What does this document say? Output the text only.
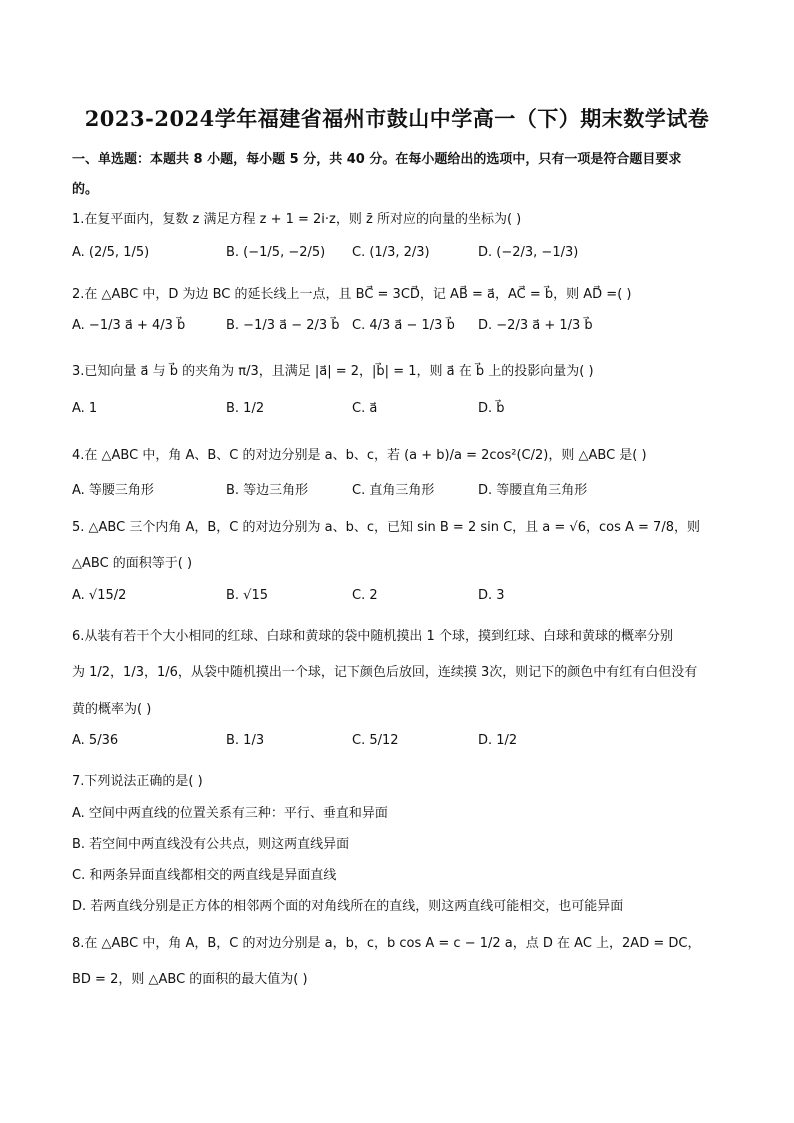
2023-2024学年福建省福州市鼓山中学高一（下）期末数学试卷
一、单选题：本题共 8 小题，每小题 5 分，共 40 分。在每小题给出的选项中，只有一项是符合题目要求
的。
1.在复平面内，复数 z 满足方程 z + 1 = 2i·z，则 z̄ 所对应的向量的坐标为( )
A. (2/5, 1/5)	B. (−1/5, −2/5) C. (1/3, 2/3)	D. (−2/3, −1/3)
2.在 △ABC 中，D 为边 BC 的延长线上一点，且 BC⃗ = 3CD⃗，记 AB⃗ = a⃗，AC⃗ = b⃗，则 AD⃗ =( )
A. −1/3 a⃗ + 4/3 b⃗	B. −1/3 a⃗ − 2/3 b⃗ C. 4/3 a⃗ − 1/3 b⃗ D. −2/3 a⃗ + 1/3 b⃗
3.已知向量 a⃗ 与 b⃗ 的夹角为 π/3，且满足 |a⃗| = 2，|b⃗| = 1，则 a⃗ 在 b⃗ 上的投影向量为( )
A. 1	B. 1/2	C. a⃗	D. b⃗
4.在 △ABC 中，角 A、B、C 的对边分别是 a、b、c，若 (a + b)/a = 2cos²(C/2)，则 △ABC 是( )
A. 等腰三角形	B. 等边三角形	C. 直角三角形	D. 等腰直角三角形
5. △ABC 三个内角 A，B，C 的对边分别为 a、b、c，已知 sin B = 2 sin C，且 a = √6，cos A = 7/8，则
△ABC 的面积等于( )
A. √15/2	B. √15	C. 2	D. 3
6.从装有若干个大小相同的红球、白球和黄球的袋中随机摸出 1 个球，摸到红球、白球和黄球的概率分别
为 1/2，1/3，1/6，从袋中随机摸出一个球，记下颜色后放回，连续摸 3次，则记下的颜色中有红有白但没有
黄的概率为( )
A. 5/36	B. 1/3	C. 5/12	D. 1/2
7.下列说法正确的是( )
A. 空间中两直线的位置关系有三种：平行、垂直和异面
B. 若空间中两直线没有公共点，则这两直线异面
C. 和两条异面直线都相交的两直线是异面直线
D. 若两直线分别是正方体的相邻两个面的对角线所在的直线，则这两直线可能相交，也可能异面
8.在 △ABC 中，角 A，B，C 的对边分别是 a，b，c，b cos A = c − 1/2 a，点 D 在 AC 上，2AD = DC，
BD = 2，则 △ABC 的面积的最大值为( )
